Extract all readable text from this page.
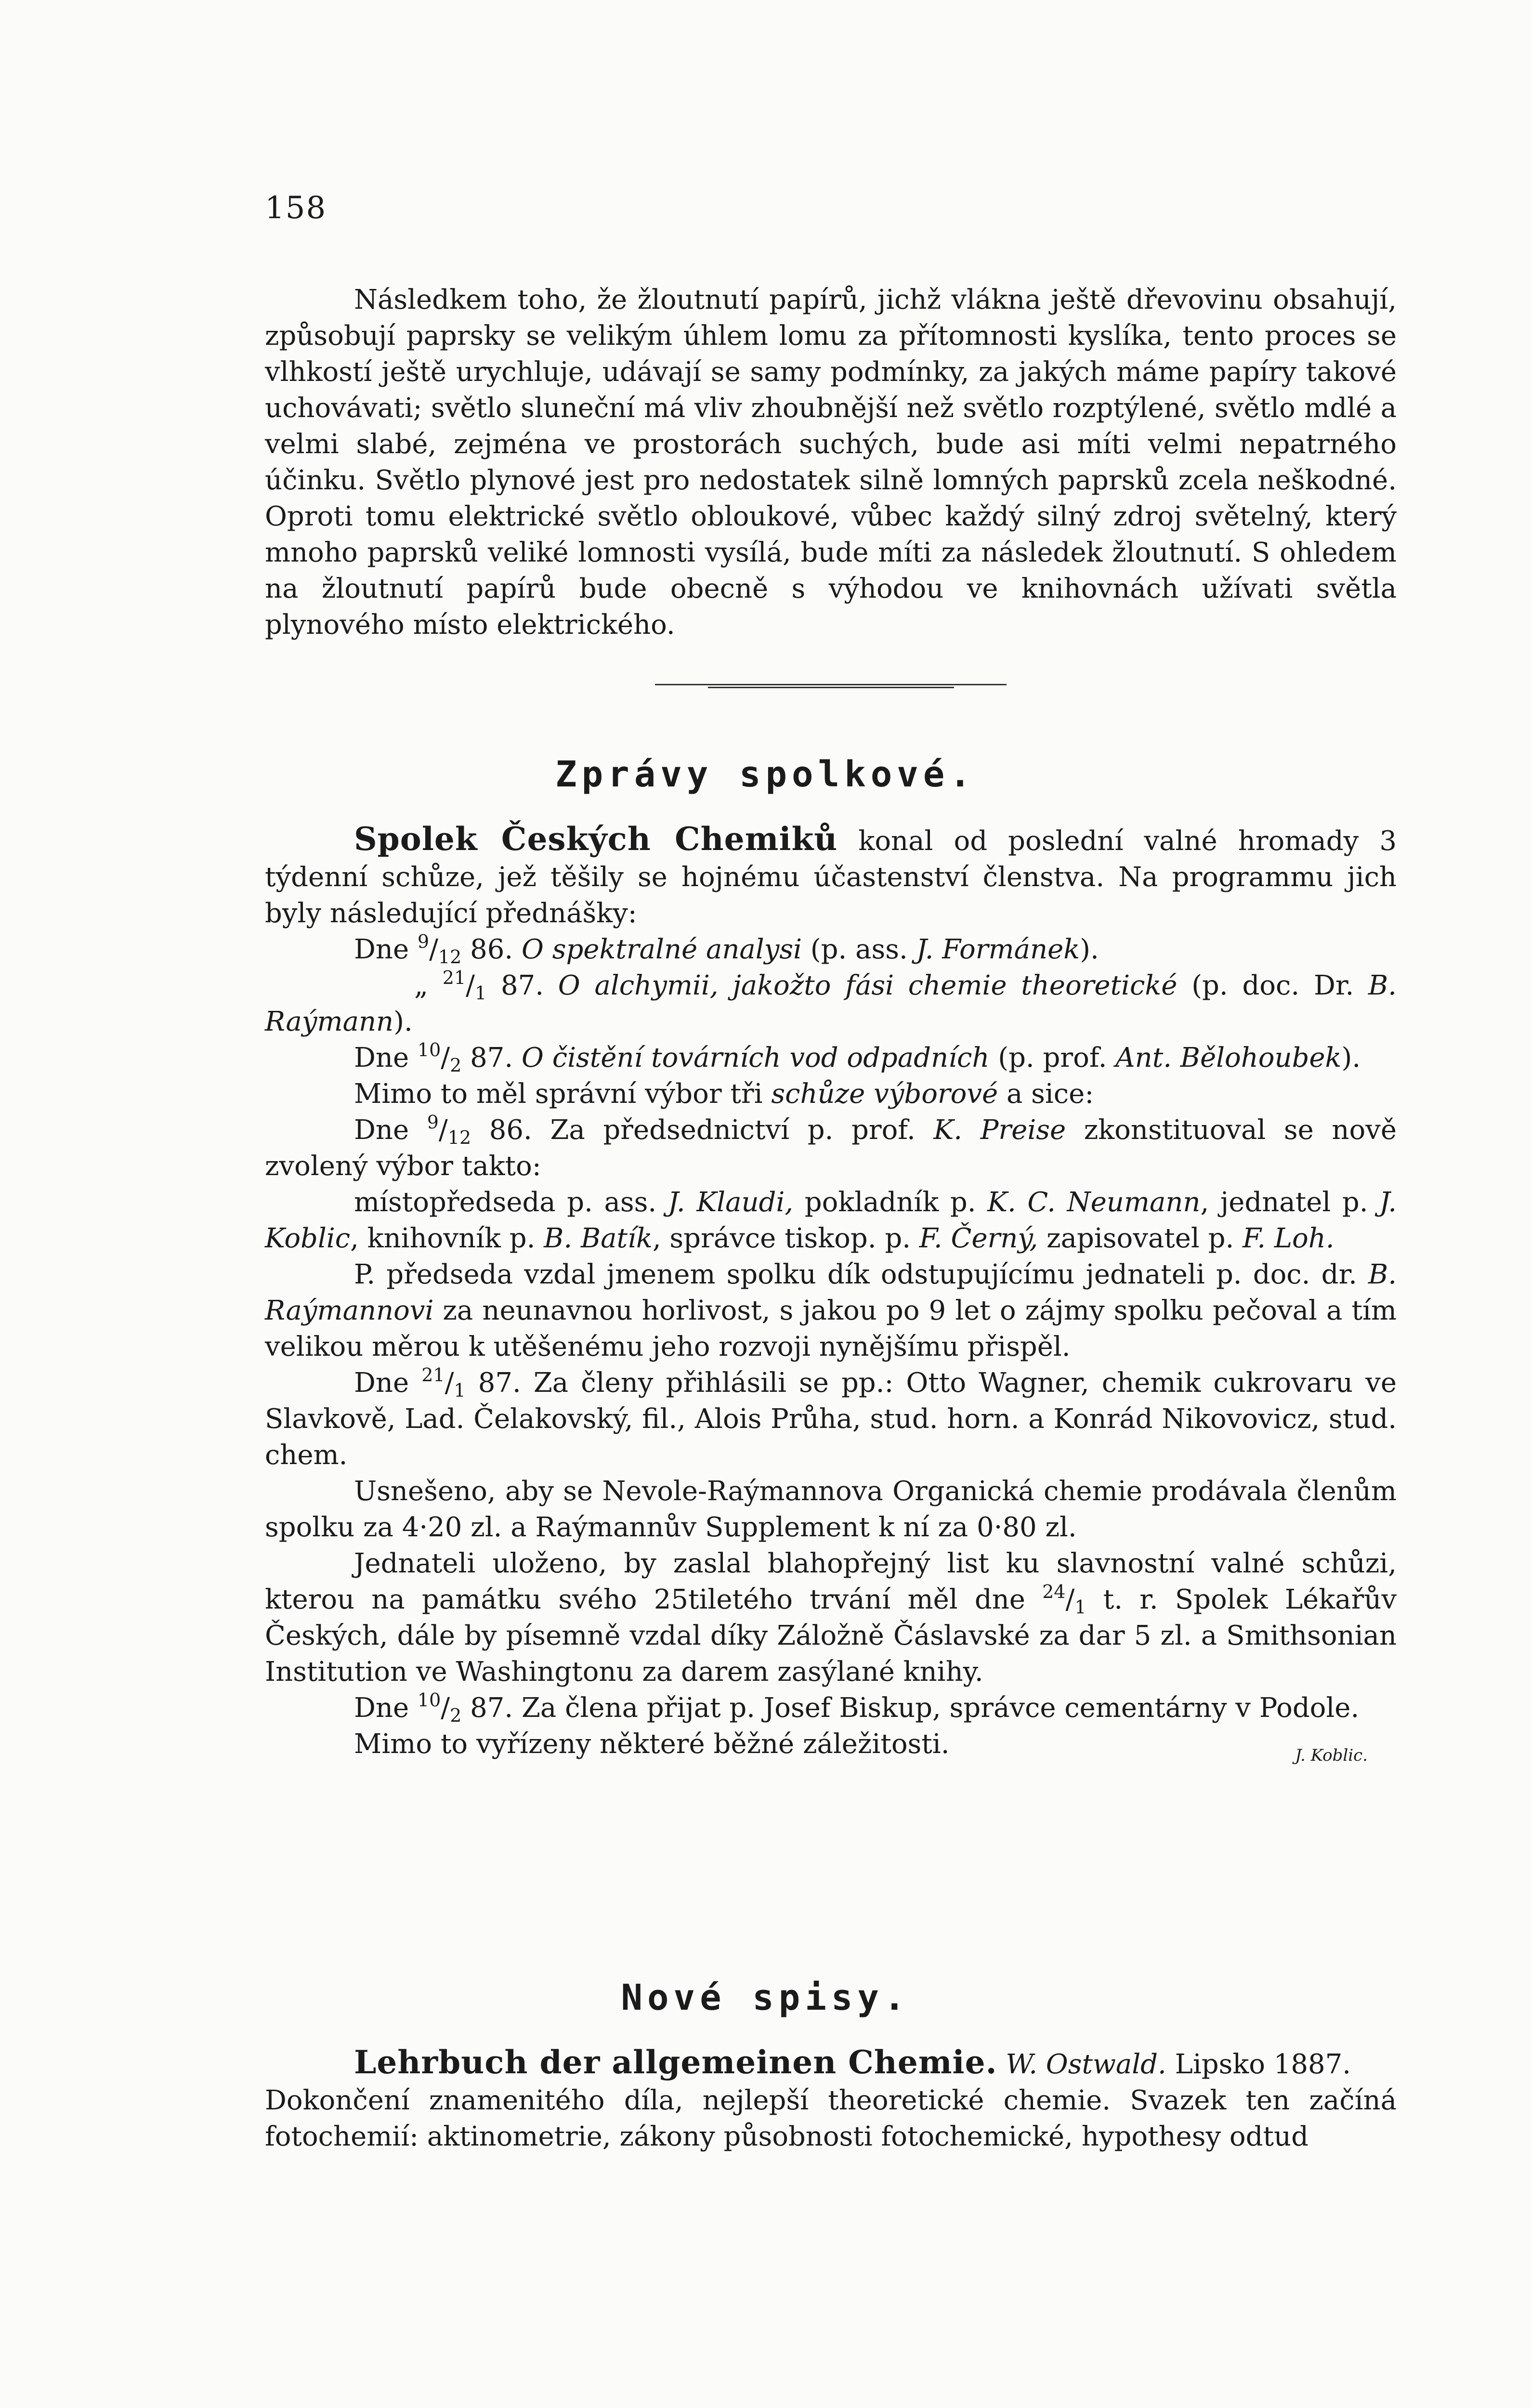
158

Následkem toho, že žloutnutí papírů, jichž vlákna ještě dřevovinu obsahují, způsobují paprsky se velikým úhlem lomu za přítomnosti kyslíka, tento proces se vlhkostí ještě urychluje, udávají se samy podmínky, za jakých máme papíry takové uchovávati; světlo sluneční má vliv zhoubnější než světlo rozptýlené, světlo mdlé a velmi slabé, zejména ve prostorách suchých, bude asi míti velmi nepatrného účinku. Světlo plynové jest pro nedostatek silně lomných paprsků zcela neškodné. Oproti tomu elektrické světlo obloukové, vůbec každý silný zdroj světelný, který mnoho paprsků veliké lomnosti vysílá, bude míti za následek žloutnutí. S ohledem na žloutnutí papírů bude obecně s výhodou ve knihovnách užívati světla plynového místo elektrického.

Zprávy spolkové.

Spolek Českých Chemiků konal od poslední valné hromady 3 týdenní schůze, jež těšily se hojnému účastenství členstva. Na programmu jich byly následující přednášky:

Dne $^9/_{12}$ 86. O spektralné analysi (p. ass. J. Formánek).

„ $^{21}/_1$ 87. O alchymii, jakožto fási chemie theoretické (p. doc. Dr. B. Raýmann).

Dne $^{10}/_2$ 87. O čistění továrních vod odpadních (p. prof. Ant. Bělohoubek).

Mimo to měl správní výbor tři schůze výborové a sice:

Dne $^9/_{12}$ 86. Za předsednictví p. prof. K. Preise zkonstituoval se nově zvolený výbor takto:

místopředseda p. ass. J. Klaudi, pokladník p. K. C. Neumann, jednatel p. J. Koblic, knihovník p. B. Batík, správce tiskop. p. F. Černý, zapisovatel p. F. Loh.

P. předseda vzdal jmenem spolku dík odstupujícímu jednateli p. doc. dr. B. Raýmannovi za neunavnou horlivost, s jakou po 9 let o zájmy spolku pečoval a tím velikou měrou k utěšenému jeho rozvoji nynějšímu přispěl.

Dne $^{21}/_1$ 87. Za členy přihlásili se pp.: Otto Wagner, chemik cukrovaru ve Slavkově, Lad. Čelakovský, fil., Alois Průha, stud. horn. a Konrád Nikovovicz, stud. chem.

Usnešeno, aby se Nevole-Raýmannova Organická chemie prodávala členům spolku za 4·20 zl. a Raýmannův Supplement k ní za 0·80 zl.

Jednateli uloženo, by zaslal blahopřejný list ku slavnostní valné schůzi, kterou na památku svého 25tiletého trvání měl dne $^{24}/_1$ t. r. Spolek Lékařův Českých, dále by písemně vzdal díky Záložně Čáslavské za dar 5 zl. a Smithsonian Institution ve Washingtonu za darem zasýlané knihy.

Dne $^{10}/_2$ 87. Za člena přijat p. Josef Biskup, správce cementárny v Podole.

Mimo to vyřízeny některé běžné záležitosti.	J. Koblic.

Nové spisy.

Lehrbuch der allgemeinen Chemie. W. Ostwald. Lipsko 1887.

Dokončení znamenitého díla, nejlepší theoretické chemie. Svazek ten začíná fotochemií: aktinometrie, zákony působnosti fotochemické, hypothesy odtud
